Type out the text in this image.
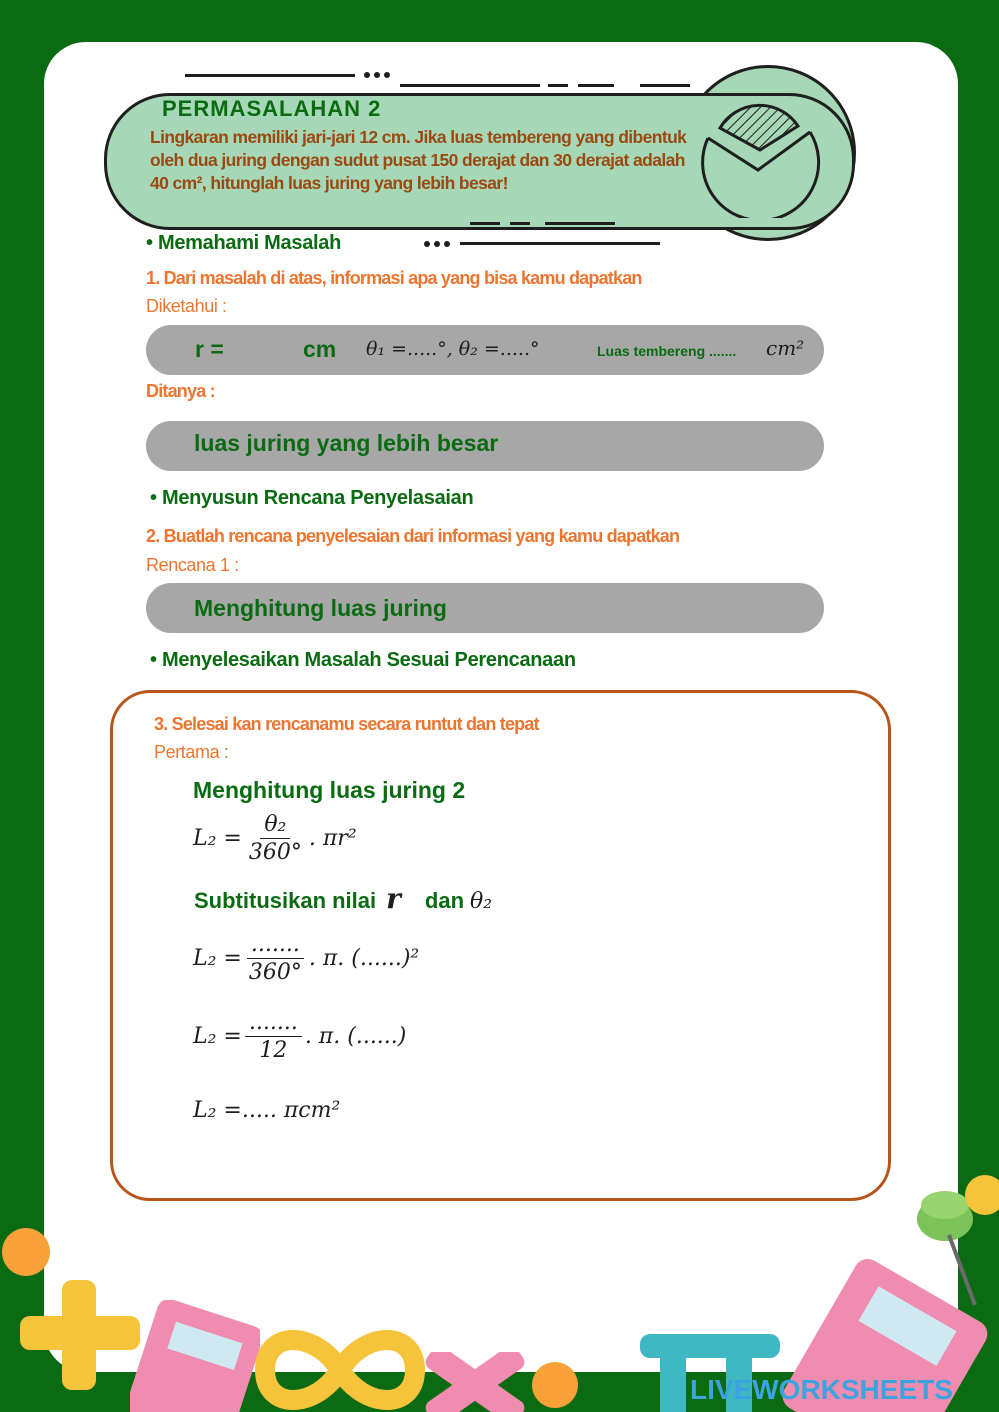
PERMASALAHAN 2
Lingkaran memiliki jari-jari 12 cm. Jika luas tembereng yang dibentuk oleh dua juring dengan sudut pusat 150 derajat dan 30 derajat adalah 40 cm², hitunglah luas juring yang lebih besar!
• Memahami Masalah
1. Dari masalah di atas, informasi apa yang bisa kamu dapatkan
Diketahui :
r =	cm θ₁ =.....°, θ₂ =.....°	Luas tembereng ....... cm²
Ditanya :
luas juring yang lebih besar
• Menyusun Rencana Penyelasaian
2. Buatlah rencana penyelesaian dari informasi yang kamu dapatkan
Rencana 1 :
Menghitung luas juring
• Menyelesaikan Masalah Sesuai Perencanaan
3. Selesai kan rencanamu secara runtut dan tepat
Pertama :
Menghitung luas juring 2
$L_2 = \frac{\text{θ₂}}{360^\circ}$ . πr²
Subtitusikan nilai r dan θ₂
$L_2 = \frac{.......}{360^\circ}$ . π. (......)²
$L_2 = \frac{.......}{12}$ . π. (......)
L₂ =..... πcm²
LIVEWORKSHEETS
